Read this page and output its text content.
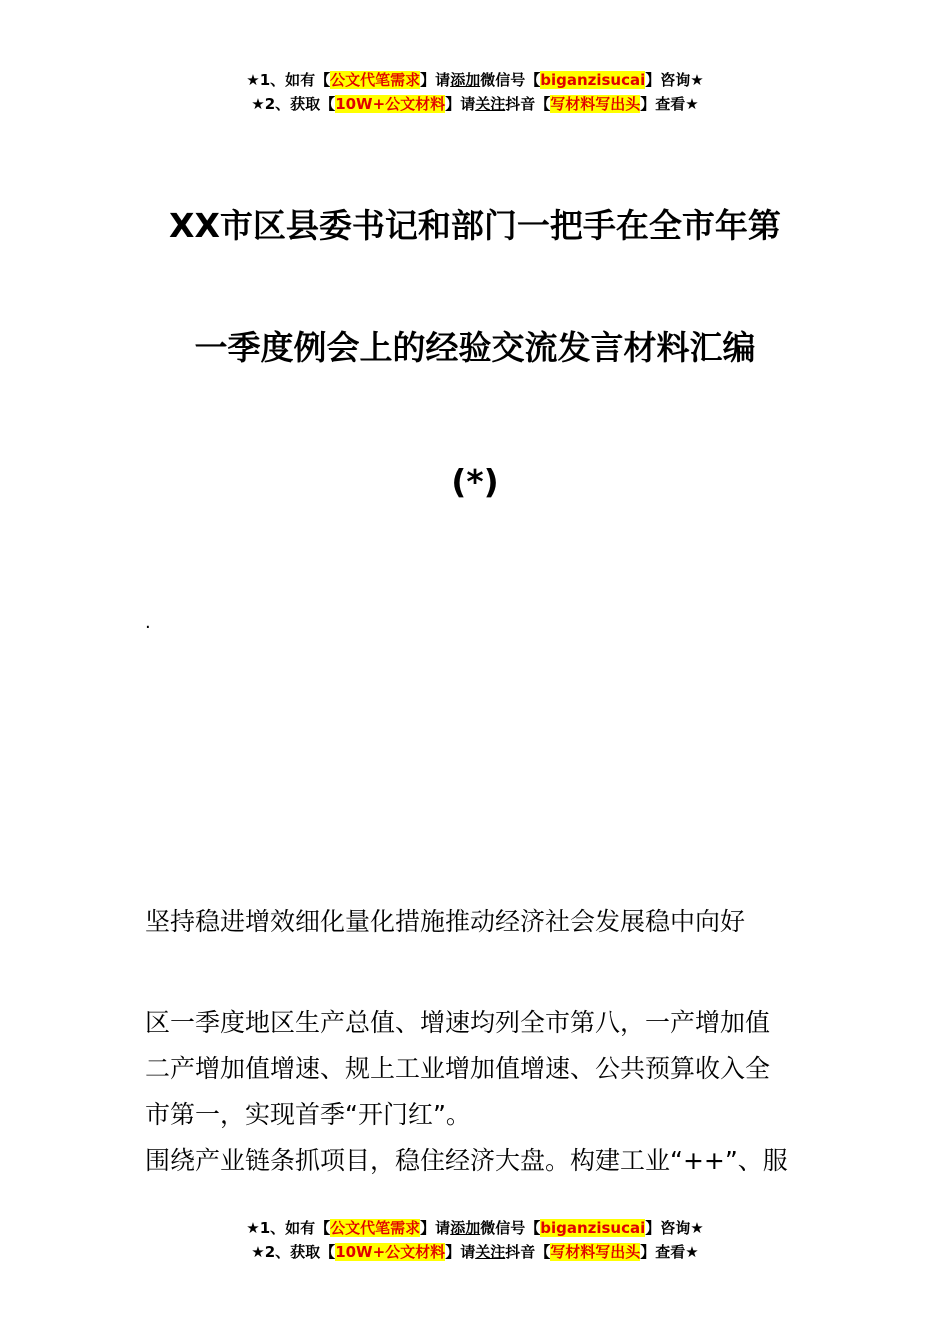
★1、如有【公文代笔需求】请添加微信号【biganzisucai】咨询★
★2、获取【10W+公文材料】请关注抖音【写材料写出头】查看★
XX市区县委书记和部门一把手在全市年第
一季度例会上的经验交流发言材料汇编
(*)
.
坚持稳进增效细化量化措施推动经济社会发展稳中向好
区一季度地区生产总值、增速均列全市第八，一产增加值
二产增加值增速、规上工业增加值增速、公共预算收入全
市第一，实现首季“开门红”。
围绕产业链条抓项目，稳住经济大盘。构建工业“++”、服
★1、如有【公文代笔需求】请添加微信号【biganzisucai】咨询★
★2、获取【10W+公文材料】请关注抖音【写材料写出头】查看★
